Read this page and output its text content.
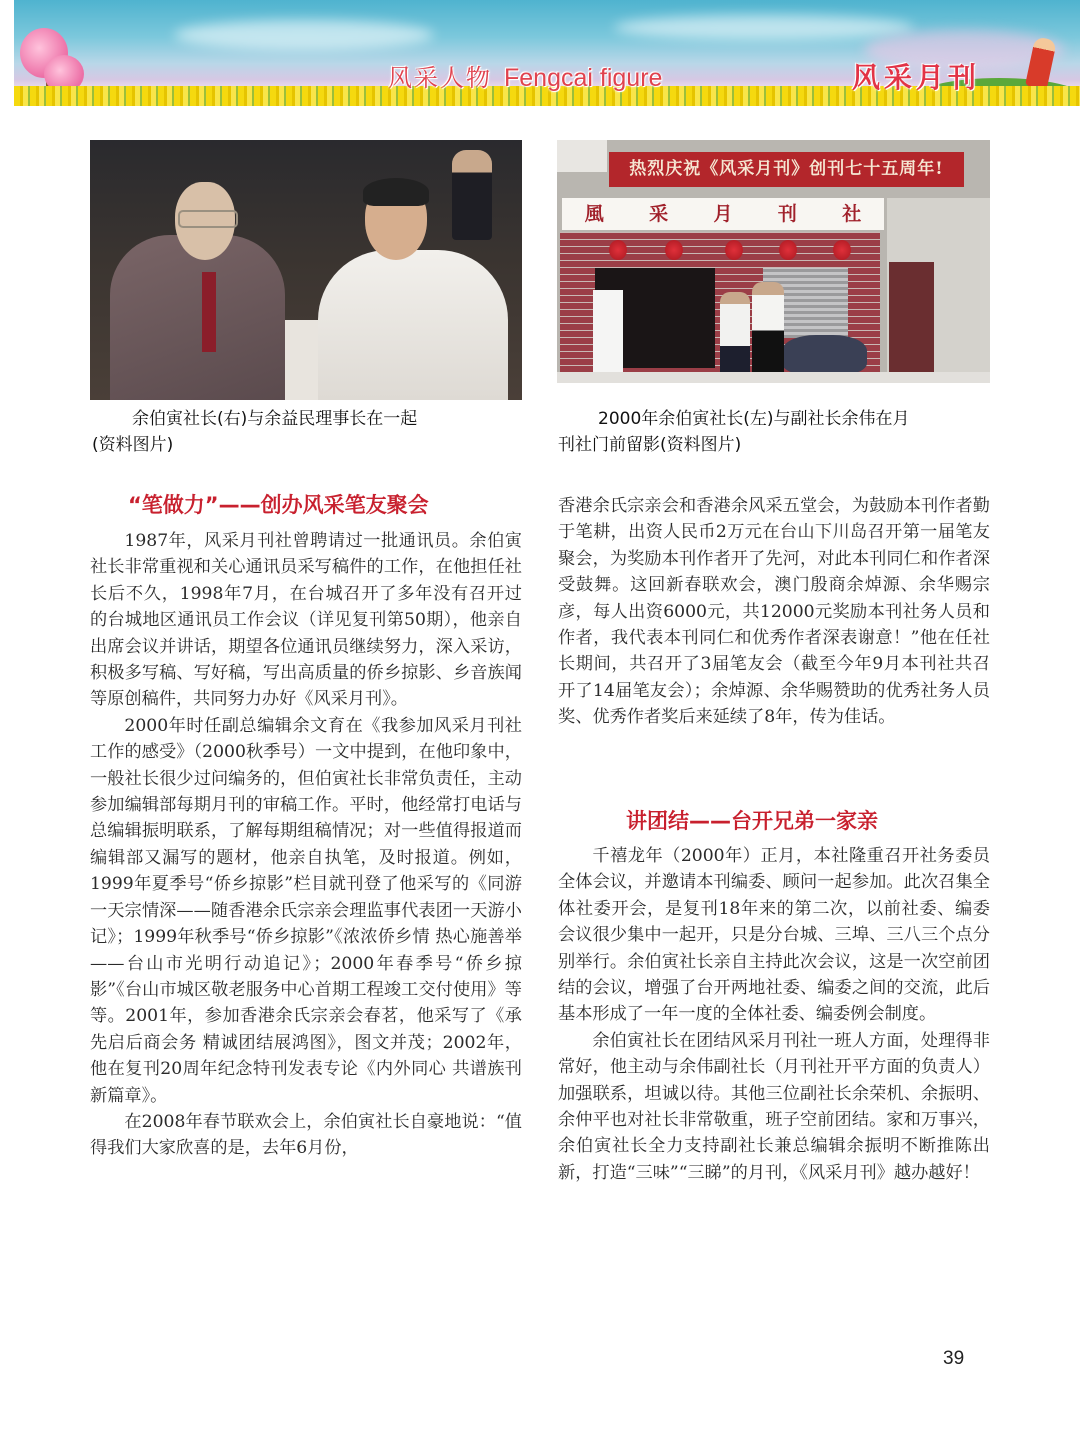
风采人物 Fengcai figure	风采月刊
热烈庆祝《风采月刊》创刊七十五周年!
風 采 月 刊 社
余伯寅社长(右)与余益民理事长在一起
(资料图片)
2000年余伯寅社长(左)与副社长余伟在月
刊社门前留影(资料图片)
“笔做力”——创办风采笔友聚会

1987年，风采月刊社曾聘请过一批通讯员。余伯寅社长非常重视和关心通讯员采写稿件的工作，在他担任社长后不久，1998年7月，在台城召开了多年没有召开过的台城地区通讯员工作会议（详见复刊第50期），他亲自出席会议并讲话，期望各位通讯员继续努力，深入采访，积极多写稿、写好稿，写出高质量的侨乡掠影、乡音族闻等原创稿件，共同努力办好《风采月刊》。

2000年时任副总编辑余文育在《我参加风采月刊社工作的感受》（2000秋季号）一文中提到，在他印象中，一般社长很少过问编务的，但伯寅社长非常负责任，主动参加编辑部每期月刊的审稿工作。平时，他经常打电话与总编辑振明联系，了解每期组稿情况；对一些值得报道而编辑部又漏写的题材，他亲自执笔，及时报道。例如，1999年夏季号“侨乡掠影”栏目就刊登了他采写的《同游一天宗情深——随香港余氏宗亲会理监事代表团一天游小记》；1999年秋季号“侨乡掠影”《浓浓侨乡情 热心施善举——台山市光明行动追记》；2000年春季号“侨乡掠影”《台山市城区敬老服务中心首期工程竣工交付使用》等等。2001年，参加香港余氏宗亲会春茗，他采写了《承先启后商会务 精诚团结展鸿图》，图文并茂；2002年，他在复刊20周年纪念特刊发表专论《内外同心 共谱族刊新篇章》。

在2008年春节联欢会上，余伯寅社长自豪地说：“值得我们大家欣喜的是，去年6月份，

香港余氏宗亲会和香港余风采五堂会，为鼓励本刊作者勤于笔耕，出资人民币2万元在台山下川岛召开第一届笔友聚会，为奖励本刊作者开了先河，对此本刊同仁和作者深受鼓舞。这回新春联欢会，澳门殷商余焯源、余华赐宗彦，每人出资6000元，共12000元奖励本刊社务人员和作者，我代表本刊同仁和优秀作者深表谢意！”他在任社长期间，共召开了3届笔友会（截至今年9月本刊社共召开了14届笔友会）；余焯源、余华赐赞助的优秀社务人员奖、优秀作者奖后来延续了8年，传为佳话。

讲团结——台开兄弟一家亲

千禧龙年（2000年）正月，本社隆重召开社务委员全体会议，并邀请本刊编委、顾问一起参加。此次召集全体社委开会，是复刊18年来的第二次，以前社委、编委会议很少集中一起开，只是分台城、三埠、三八三个点分别举行。余伯寅社长亲自主持此次会议，这是一次空前团结的会议，增强了台开两地社委、编委之间的交流，此后基本形成了一年一度的全体社委、编委例会制度。

余伯寅社长在团结风采月刊社一班人方面，处理得非常好，他主动与余伟副社长（月刊社开平方面的负责人）加强联系，坦诚以待。其他三位副社长余荣机、余振明、余仲平也对社长非常敬重，班子空前团结。家和万事兴，余伯寅社长全力支持副社长兼总编辑余振明不断推陈出新，打造“三味”“三睇”的月刊，《风采月刊》越办越好！

39
